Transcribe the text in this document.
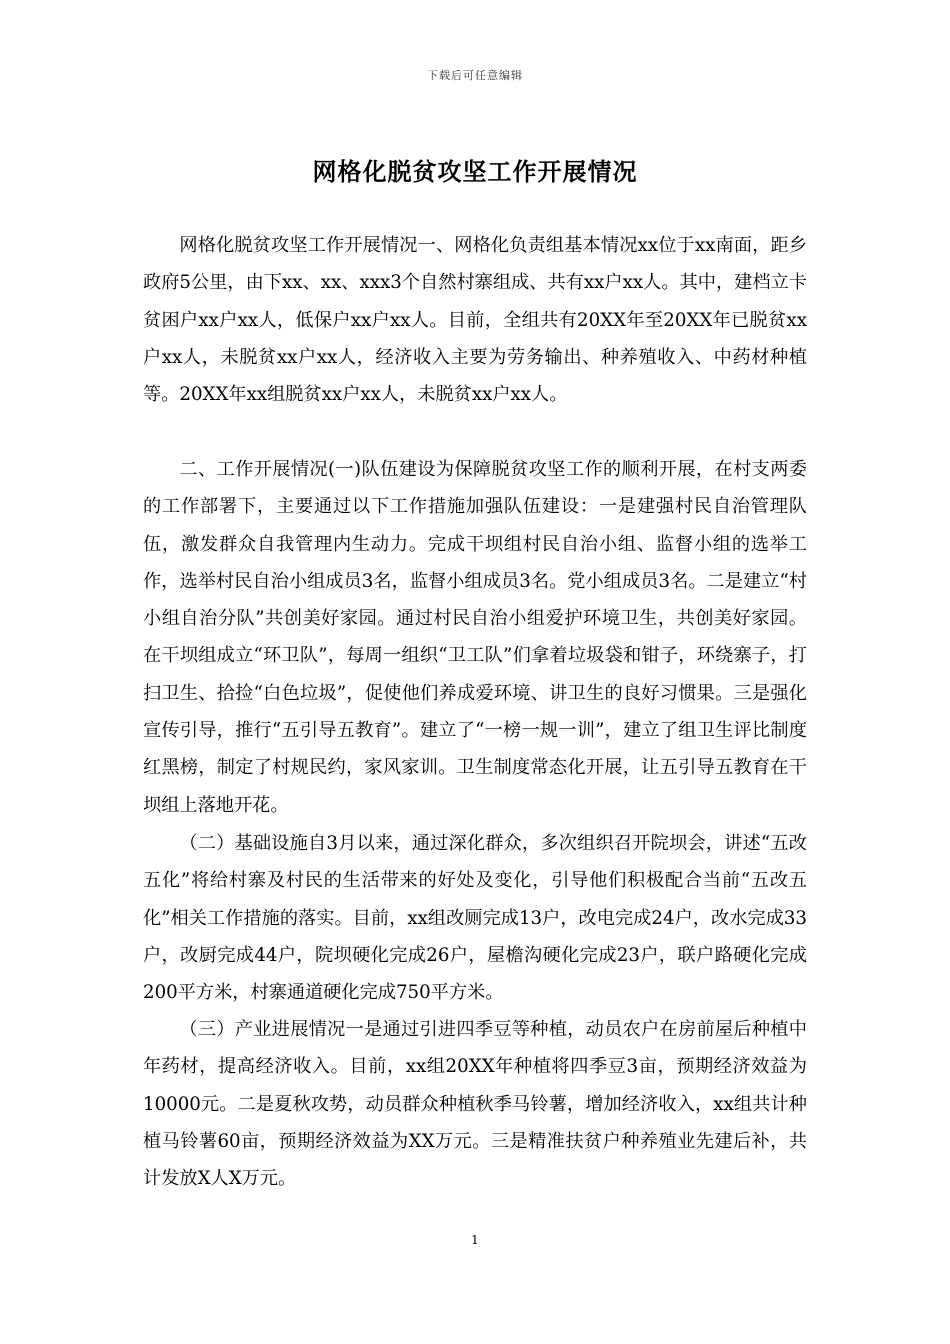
下载后可任意编辑
网格化脱贫攻坚工作开展情况

网格化脱贫攻坚工作开展情况一、网格化负责组基本情况xx位于xx南面，距乡政府5公里，由下xx、xx、xxx3个自然村寨组成、共有xx户xx人。其中，建档立卡贫困户xx户xx人，低保户xx户xx人。目前，全组共有20XX年至20XX年已脱贫xx户xx人，未脱贫xx户xx人，经济收入主要为劳务输出、种养殖收入、中药材种植等。20XX年xx组脱贫xx户xx人，未脱贫xx户xx人。

二、工作开展情况(一)队伍建设为保障脱贫攻坚工作的顺利开展，在村支两委的工作部署下，主要通过以下工作措施加强队伍建设：一是建强村民自治管理队伍，激发群众自我管理内生动力。完成干坝组村民自治小组、监督小组的选举工作，选举村民自治小组成员3名，监督小组成员3名。党小组成员3名。二是建立“村小组自治分队”共创美好家园。通过村民自治小组爱护环境卫生，共创美好家园。在干坝组成立“环卫队”，每周一组织“卫工队”们拿着垃圾袋和钳子，环绕寨子，打扫卫生、拾捡“白色垃圾”，促使他们养成爱环境、讲卫生的良好习惯果。三是强化宣传引导，推行“五引导五教育”。建立了“一榜一规一训”，建立了组卫生评比制度红黑榜，制定了村规民约，家风家训。卫生制度常态化开展，让五引导五教育在干坝组上落地开花。

（二）基础设施自3月以来，通过深化群众，多次组织召开院坝会，讲述“五改五化”将给村寨及村民的生活带来的好处及变化，引导他们积极配合当前“五改五化”相关工作措施的落实。目前，xx组改厕完成13户，改电完成24户，改水完成33户，改厨完成44户，院坝硬化完成26户，屋檐沟硬化完成23户，联户路硬化完成200平方米，村寨通道硬化完成750平方米。

（三）产业进展情况一是通过引进四季豆等种植，动员农户在房前屋后种植中年药材，提高经济收入。目前，xx组20XX年种植将四季豆3亩，预期经济效益为10000元。二是夏秋攻势，动员群众种植秋季马铃薯，增加经济收入，xx组共计种植马铃薯60亩，预期经济效益为XX万元。三是精准扶贫户种养殖业先建后补，共计发放X人X万元。

1
